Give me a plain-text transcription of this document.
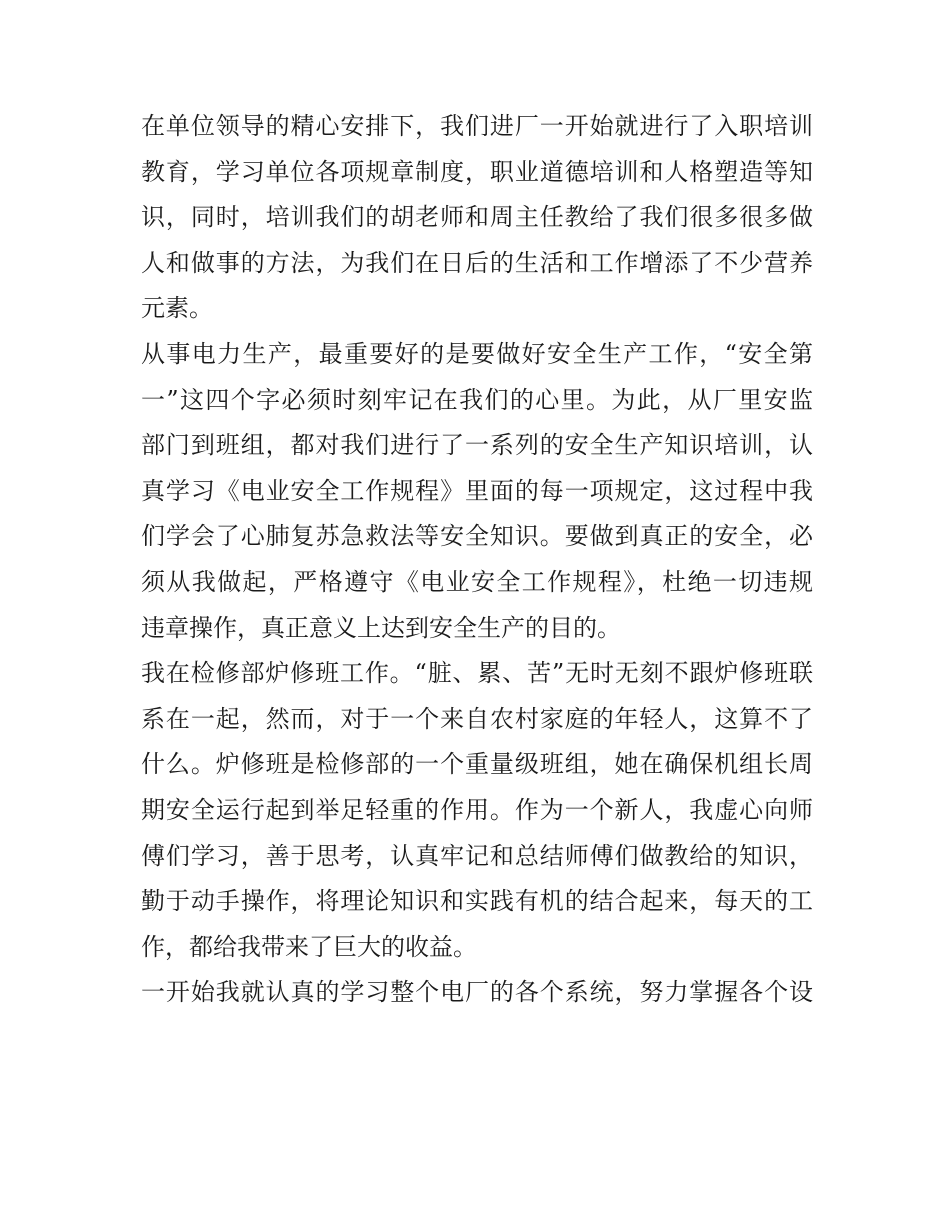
在单位领导的精心安排下，我们进厂一开始就进行了入职培训
教育，学习单位各项规章制度，职业道德培训和人格塑造等知
识，同时，培训我们的胡老师和周主任教给了我们很多很多做
人和做事的方法，为我们在日后的生活和工作增添了不少营养
元素。
从事电力生产，最重要好的是要做好安全生产工作，“安全第
一”这四个字必须时刻牢记在我们的心里。为此，从厂里安监
部门到班组，都对我们进行了一系列的安全生产知识培训，认
真学习《电业安全工作规程》里面的每一项规定，这过程中我
们学会了心肺复苏急救法等安全知识。要做到真正的安全，必
须从我做起，严格遵守《电业安全工作规程》，杜绝一切违规
违章操作，真正意义上达到安全生产的目的。
我在检修部炉修班工作。“脏、累、苦”无时无刻不跟炉修班联
系在一起，然而，对于一个来自农村家庭的年轻人，这算不了
什么。炉修班是检修部的一个重量级班组，她在确保机组长周
期安全运行起到举足轻重的作用。作为一个新人，我虚心向师
傅们学习，善于思考，认真牢记和总结师傅们做教给的知识，
勤于动手操作，将理论知识和实践有机的结合起来，每天的工
作，都给我带来了巨大的收益。
一开始我就认真的学习整个电厂的各个系统，努力掌握各个设
